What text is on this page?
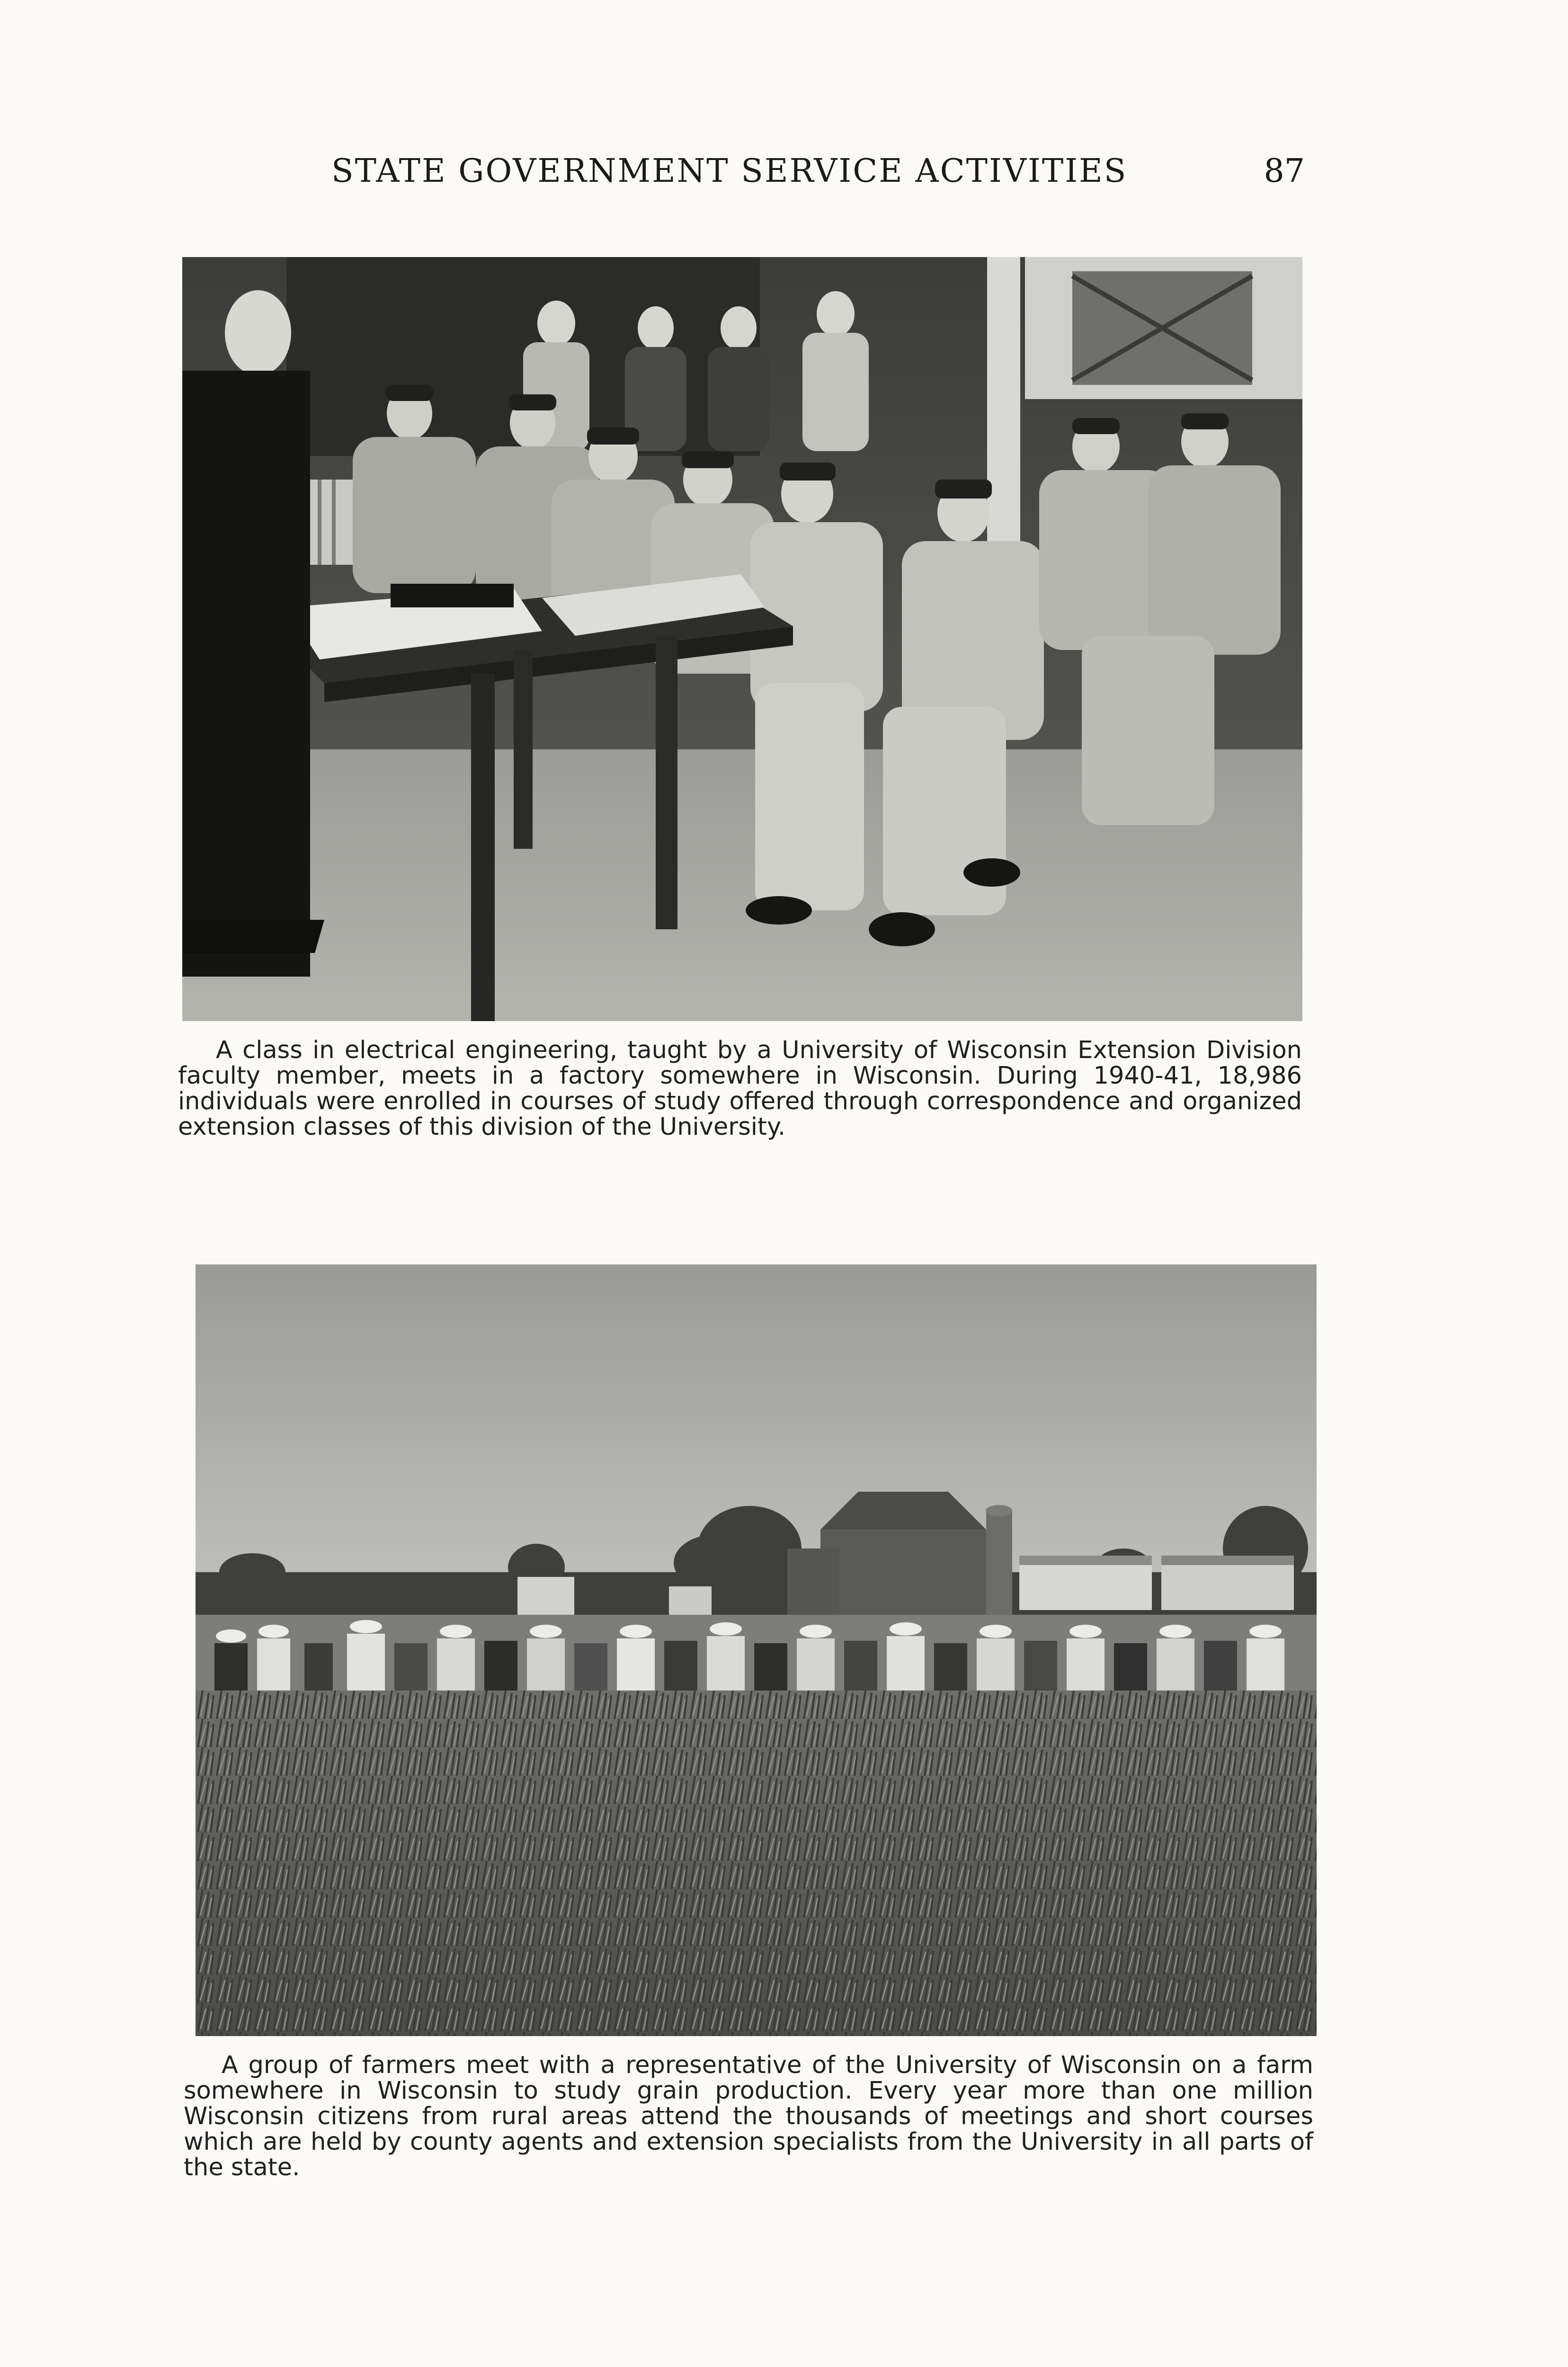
STATE GOVERNMENT SERVICE ACTIVITIES	87

A class in electrical engineering, taught by a University of Wisconsin Extension Division faculty member, meets in a factory somewhere in Wisconsin. During 1940-41, 18,986 individuals were enrolled in courses of study offered through correspondence and organized extension classes of this division of the University.

A group of farmers meet with a representative of the University of Wisconsin on a farm somewhere in Wisconsin to study grain production. Every year more than one million Wisconsin citizens from rural areas attend the thousands of meetings and short courses which are held by county agents and extension specialists from the University in all parts of the state.
